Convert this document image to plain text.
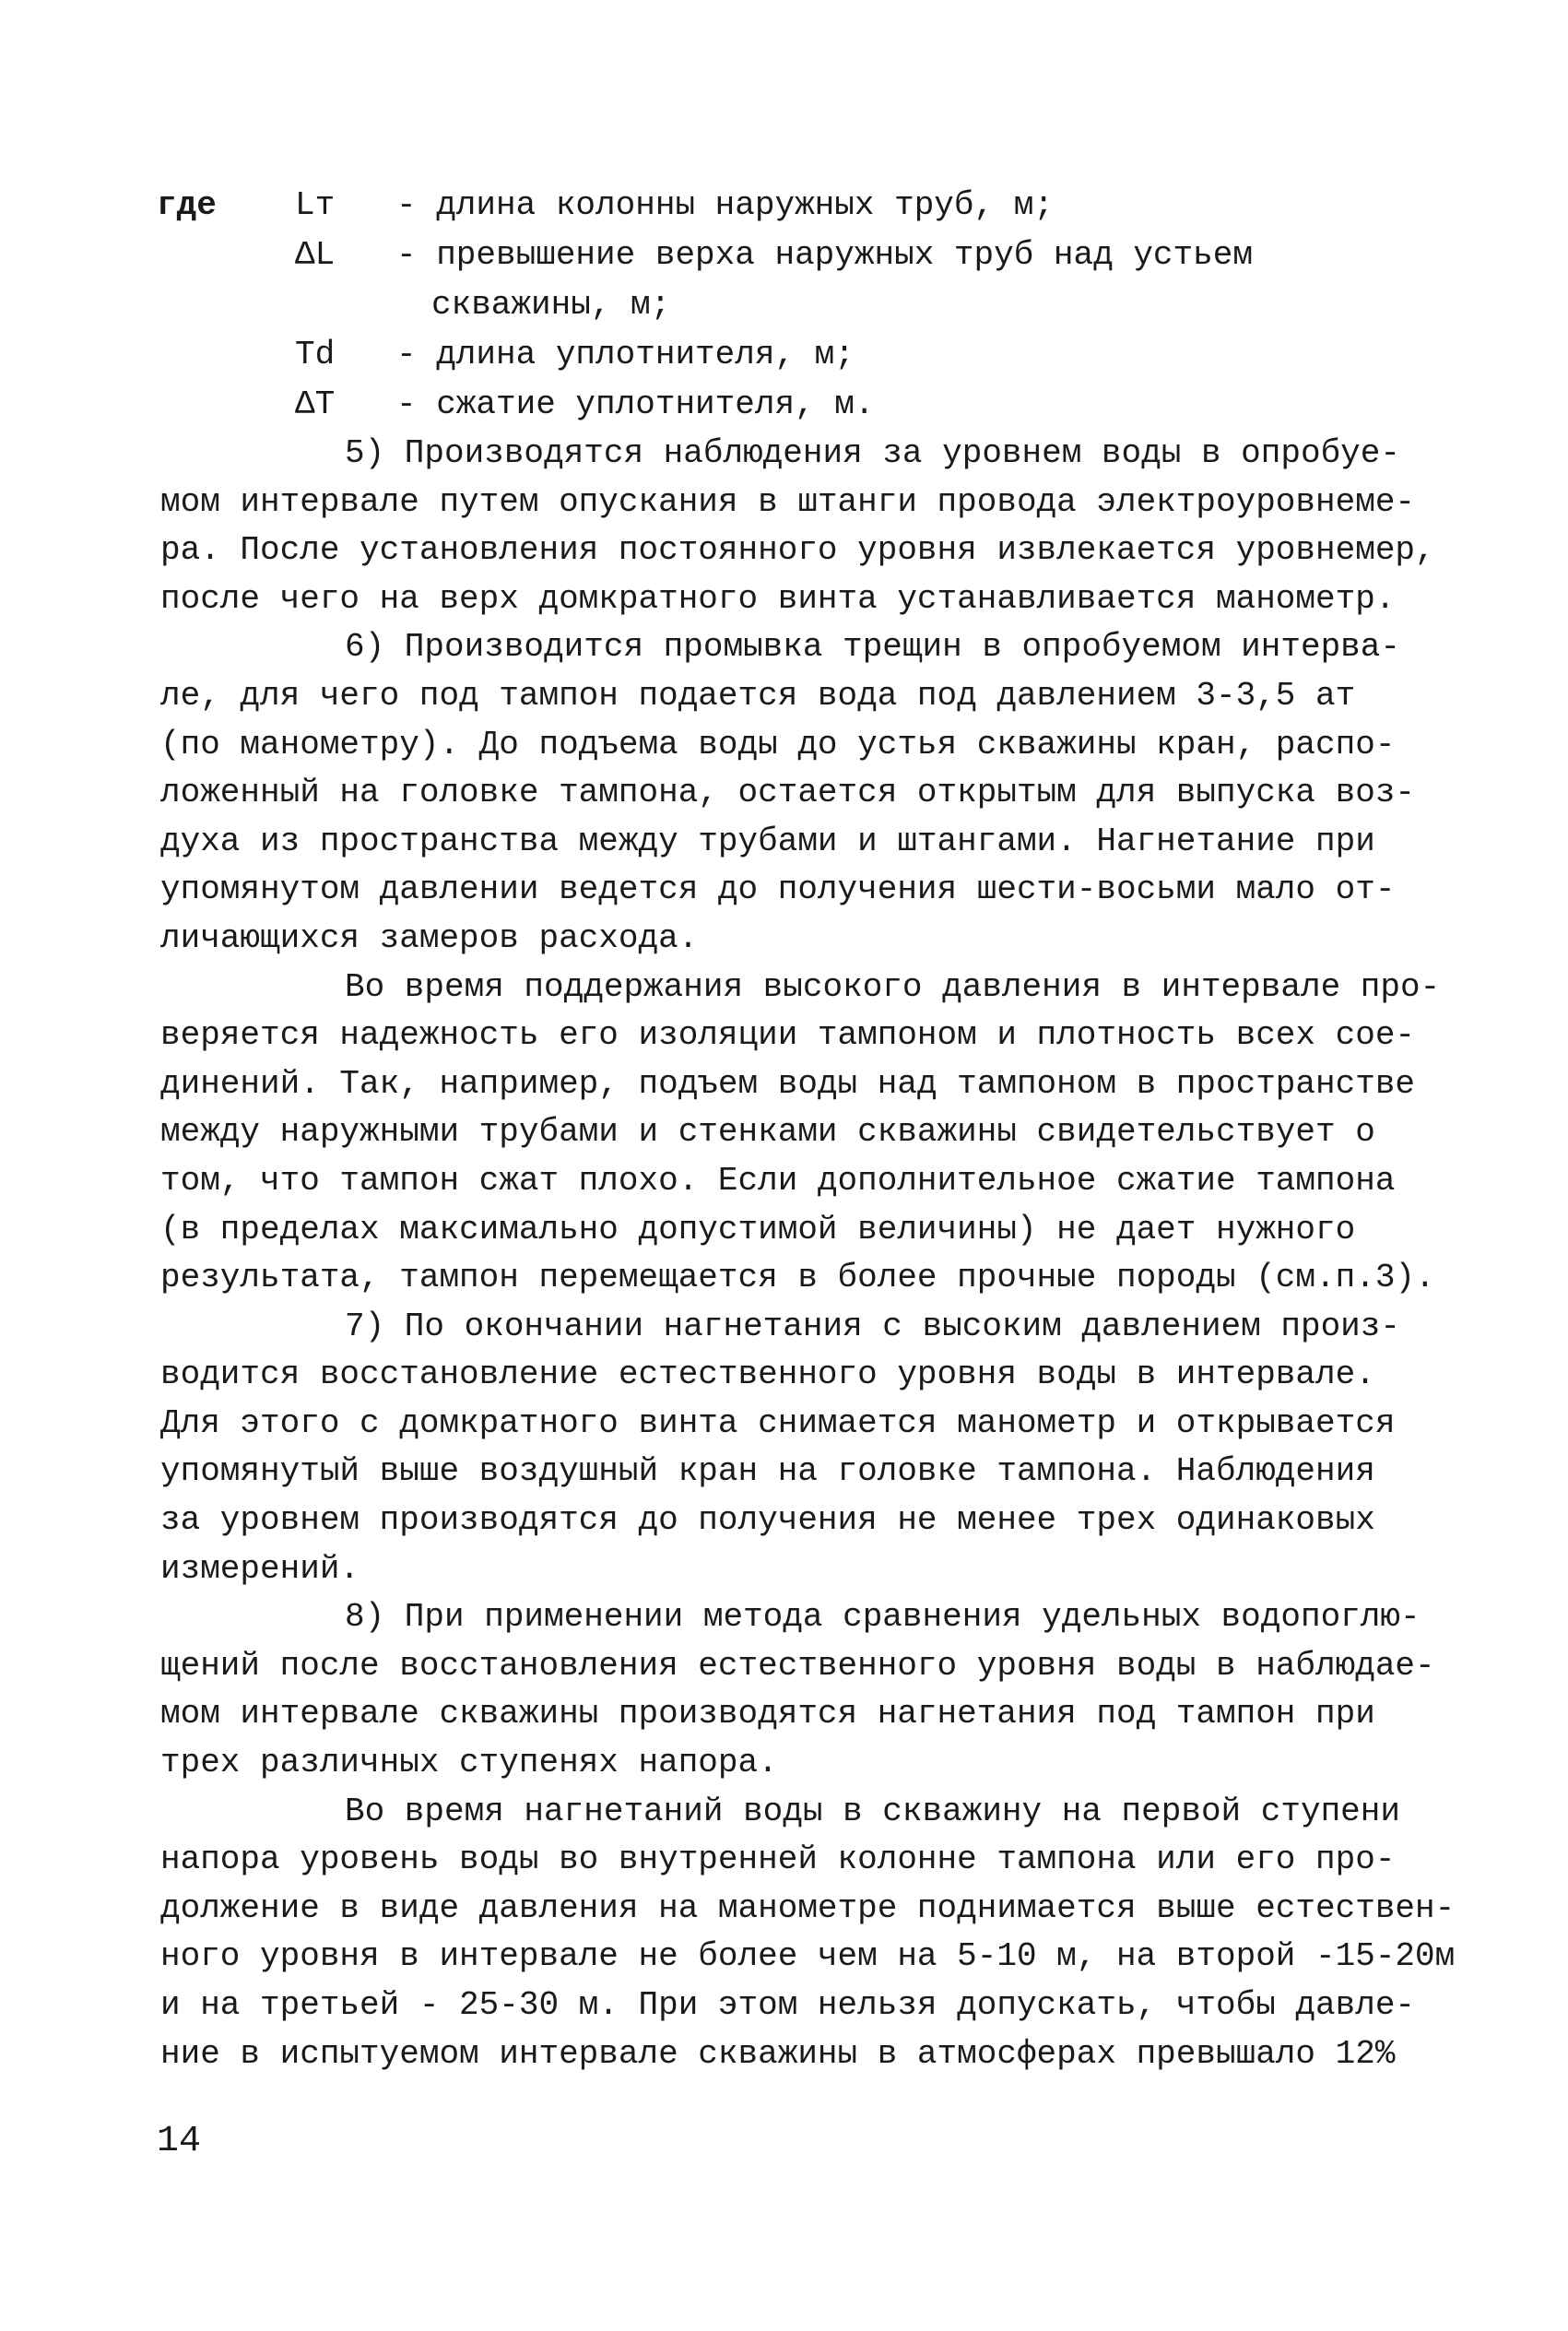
где Lт	- длина колонны наружных труб, м;
ΔL	- превышение верха наружных труб над устьем
скважины, м;
Td	- длина уплотнителя, м;
ΔT	- сжатие уплотнителя, м.
5) Производятся наблюдения за уровнем воды в опробуе-
мом интервале путем опускания в штанги провода электроуровнеме-
ра. После установления постоянного уровня извлекается уровнемер,
после чего на верх домкратного винта устанавливается манометр.
6) Производится промывка трещин в опробуемом интерва-
ле, для чего под тампон подается вода под давлением 3-3,5 ат
(по манометру). До подъема воды до устья скважины кран, распо-
ложенный на головке тампона, остается открытым для выпуска воз-
духа из пространства между трубами и штангами. Нагнетание при
упомянутом давлении ведется до получения шести-восьми мало от-
личающихся замеров расхода.
Во время поддержания высокого давления в интервале про-
веряется надежность его изоляции тампоном и плотность всех сое-
динений. Так, например, подъем воды над тампоном в пространстве
между наружными трубами и стенками скважины свидетельствует о
том, что тампон сжат плохо. Если дополнительное сжатие тампона
(в пределах максимально допустимой величины) не дает нужного
результата, тампон перемещается в более прочные породы (см.п.3).
7) По окончании нагнетания с высоким давлением произ-
водится восстановление естественного уровня воды в интервале.
Для этого с домкратного винта снимается манометр и открывается
упомянутый выше воздушный кран на головке тампона. Наблюдения
за уровнем производятся до получения не менее трех одинаковых
измерений.
8) При применении метода сравнения удельных водопоглю-
щений после восстановления естественного уровня воды в наблюдае-
мом интервале скважины производятся нагнетания под тампон при
трех различных ступенях напора.
Во время нагнетаний воды в скважину на первой ступени
напора уровень воды во внутренней колонне тампона или его про-
должение в виде давления на манометре поднимается выше естествен-
ного уровня в интервале не более чем на 5-10 м, на второй -15-20м
и на третьей - 25-30 м. При этом нельзя допускать, чтобы давле-
ние в испытуемом интервале скважины в атмосферах превышало 12%
14
